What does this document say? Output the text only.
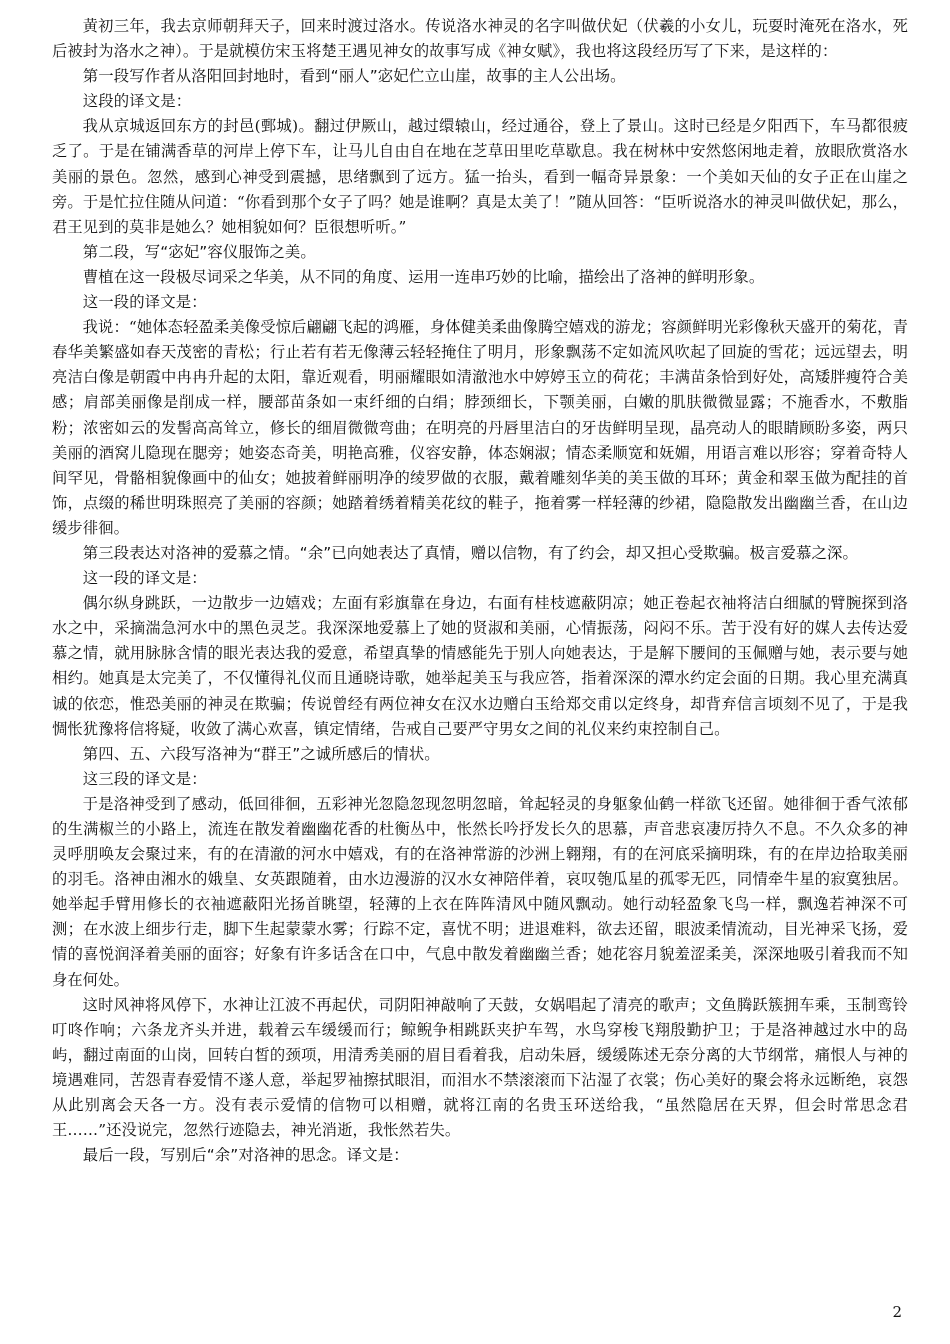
黄初三年，我去京师朝拜天子，回来时渡过洛水。传说洛水神灵的名字叫做伏妃（伏羲的小女儿，玩耍时淹死在洛水，死后被封为洛水之神）。于是就模仿宋玉将楚王遇见神女的故事写成《神女赋》，我也将这段经历写了下来，是这样的：

第一段写作者从洛阳回封地时，看到“丽人”宓妃伫立山崖，故事的主人公出场。

这段的译文是：

我从京城返回东方的封邑(鄄城)。翻过伊厥山，越过缳辕山，经过通谷，登上了景山。这时已经是夕阳西下，车马都很疲乏了。于是在铺满香草的河岸上停下车，让马儿自由自在地在芝草田里吃草歇息。我在树林中安然悠闲地走着，放眼欣赏洛水美丽的景色。忽然，感到心神受到震撼，思绪飘到了远方。猛一抬头，看到一幅奇异景象：一个美如天仙的女子正在山崖之旁。于是忙拉住随从问道：“你看到那个女子了吗？她是谁啊？真是太美了！”随从回答：“臣听说洛水的神灵叫做伏妃，那么，君王见到的莫非是她么？她相貌如何？臣很想听听。”

第二段，写“宓妃”容仪服饰之美。

曹植在这一段极尽词采之华美，从不同的角度、运用一连串巧妙的比喻，描绘出了洛神的鲜明形象。

这一段的译文是：

我说：“她体态轻盈柔美像受惊后翩翩飞起的鸿雁，身体健美柔曲像腾空嬉戏的游龙；容颜鲜明光彩像秋天盛开的菊花，青春华美繁盛如春天茂密的青松；行止若有若无像薄云轻轻掩住了明月，形象飘荡不定如流风吹起了回旋的雪花；远远望去，明亮洁白像是朝霞中冉冉升起的太阳，靠近观看，明丽耀眼如清澈池水中婷婷玉立的荷花；丰满苗条恰到好处，高矮胖瘦符合美感；肩部美丽像是削成一样，腰部苗条如一束纤细的白绢；脖颈细长，下颚美丽，白嫩的肌肤微微显露；不施香水，不敷脂粉；浓密如云的发髻高高耸立，修长的细眉微微弯曲；在明亮的丹唇里洁白的牙齿鲜明呈现，晶亮动人的眼睛顾盼多姿，两只美丽的酒窝儿隐现在腮旁；她姿态奇美，明艳高雅，仪容安静，体态娴淑；情态柔顺宽和妩媚，用语言难以形容；穿着奇特人间罕见，骨骼相貌像画中的仙女；她披着鲜丽明净的绫罗做的衣服，戴着雕刻华美的美玉做的耳环；黄金和翠玉做为配挂的首饰，点缀的稀世明珠照亮了美丽的容颜；她踏着绣着精美花纹的鞋子，拖着雾一样轻薄的纱裙，隐隐散发出幽幽兰香，在山边缓步徘徊。

第三段表达对洛神的爱慕之情。“余”已向她表达了真情，赠以信物，有了约会，却又担心受欺骗。极言爱慕之深。

这一段的译文是：

偶尔纵身跳跃，一边散步一边嬉戏；左面有彩旗靠在身边，右面有桂枝遮蔽阴凉；她正卷起衣袖将洁白细腻的臂腕探到洛水之中，采摘湍急河水中的黑色灵芝。我深深地爱慕上了她的贤淑和美丽，心情振荡，闷闷不乐。苦于没有好的媒人去传达爱慕之情，就用脉脉含情的眼光表达我的爱意，希望真挚的情感能先于别人向她表达，于是解下腰间的玉佩赠与她，表示要与她相约。她真是太完美了，不仅懂得礼仪而且通晓诗歌，她举起美玉与我应答，指着深深的潭水约定会面的日期。我心里充满真诚的依恋，惟恐美丽的神灵在欺骗；传说曾经有两位神女在汉水边赠白玉给郑交甫以定终身，却背弃信言顷刻不见了，于是我惆怅犹豫将信将疑，收敛了满心欢喜，镇定情绪，告戒自己要严守男女之间的礼仪来约束控制自己。

第四、五、六段写洛神为“群王”之诚所感后的情状。

这三段的译文是：

于是洛神受到了感动，低回徘徊，五彩神光忽隐忽现忽明忽暗，耸起轻灵的身躯象仙鹤一样欲飞还留。她徘徊于香气浓郁的生满椒兰的小路上，流连在散发着幽幽花香的杜衡丛中，怅然长吟抒发长久的思慕，声音悲哀凄厉持久不息。不久众多的神灵呼朋唤友会聚过来，有的在清澈的河水中嬉戏，有的在洛神常游的沙洲上翱翔，有的在河底采摘明珠，有的在岸边拾取美丽的羽毛。洛神由湘水的娥皇、女英跟随着，由水边漫游的汉水女神陪伴着，哀叹匏瓜星的孤零无匹，同情牵牛星的寂寞独居。她举起手臂用修长的衣袖遮蔽阳光扬首眺望，轻薄的上衣在阵阵清风中随风飘动。她行动轻盈象飞鸟一样，飘逸若神深不可测；在水波上细步行走，脚下生起蒙蒙水雾；行踪不定，喜忧不明；进退难料，欲去还留，眼波柔情流动，目光神采飞扬，爱情的喜悦润泽着美丽的面容；好象有许多话含在口中，气息中散发着幽幽兰香；她花容月貌羞涩柔美，深深地吸引着我而不知身在何处。

这时风神将风停下，水神让江波不再起伏，司阴阳神敲响了天鼓，女娲唱起了清亮的歌声；文鱼腾跃簇拥车乘，玉制鸾铃叮咚作响；六条龙齐头并进，载着云车缓缓而行；鲸鲵争相跳跃夹护车驾，水鸟穿梭飞翔殷勤护卫；于是洛神越过水中的岛屿，翻过南面的山岗，回转白皙的颈项，用清秀美丽的眉目看着我，启动朱唇，缓缓陈述无奈分离的大节纲常，痛恨人与神的境遇难同，苦怨青春爱情不遂人意，举起罗袖擦拭眼泪，而泪水不禁滚滚而下沾湿了衣裳；伤心美好的聚会将永远断绝，哀怨从此别离会天各一方。没有表示爱情的信物可以相赠，就将江南的名贵玉环送给我，“虽然隐居在天界，但会时常思念君王……”还没说完，忽然行迹隐去，神光消逝，我怅然若失。

最后一段，写别后“余”对洛神的思念。译文是：

2
